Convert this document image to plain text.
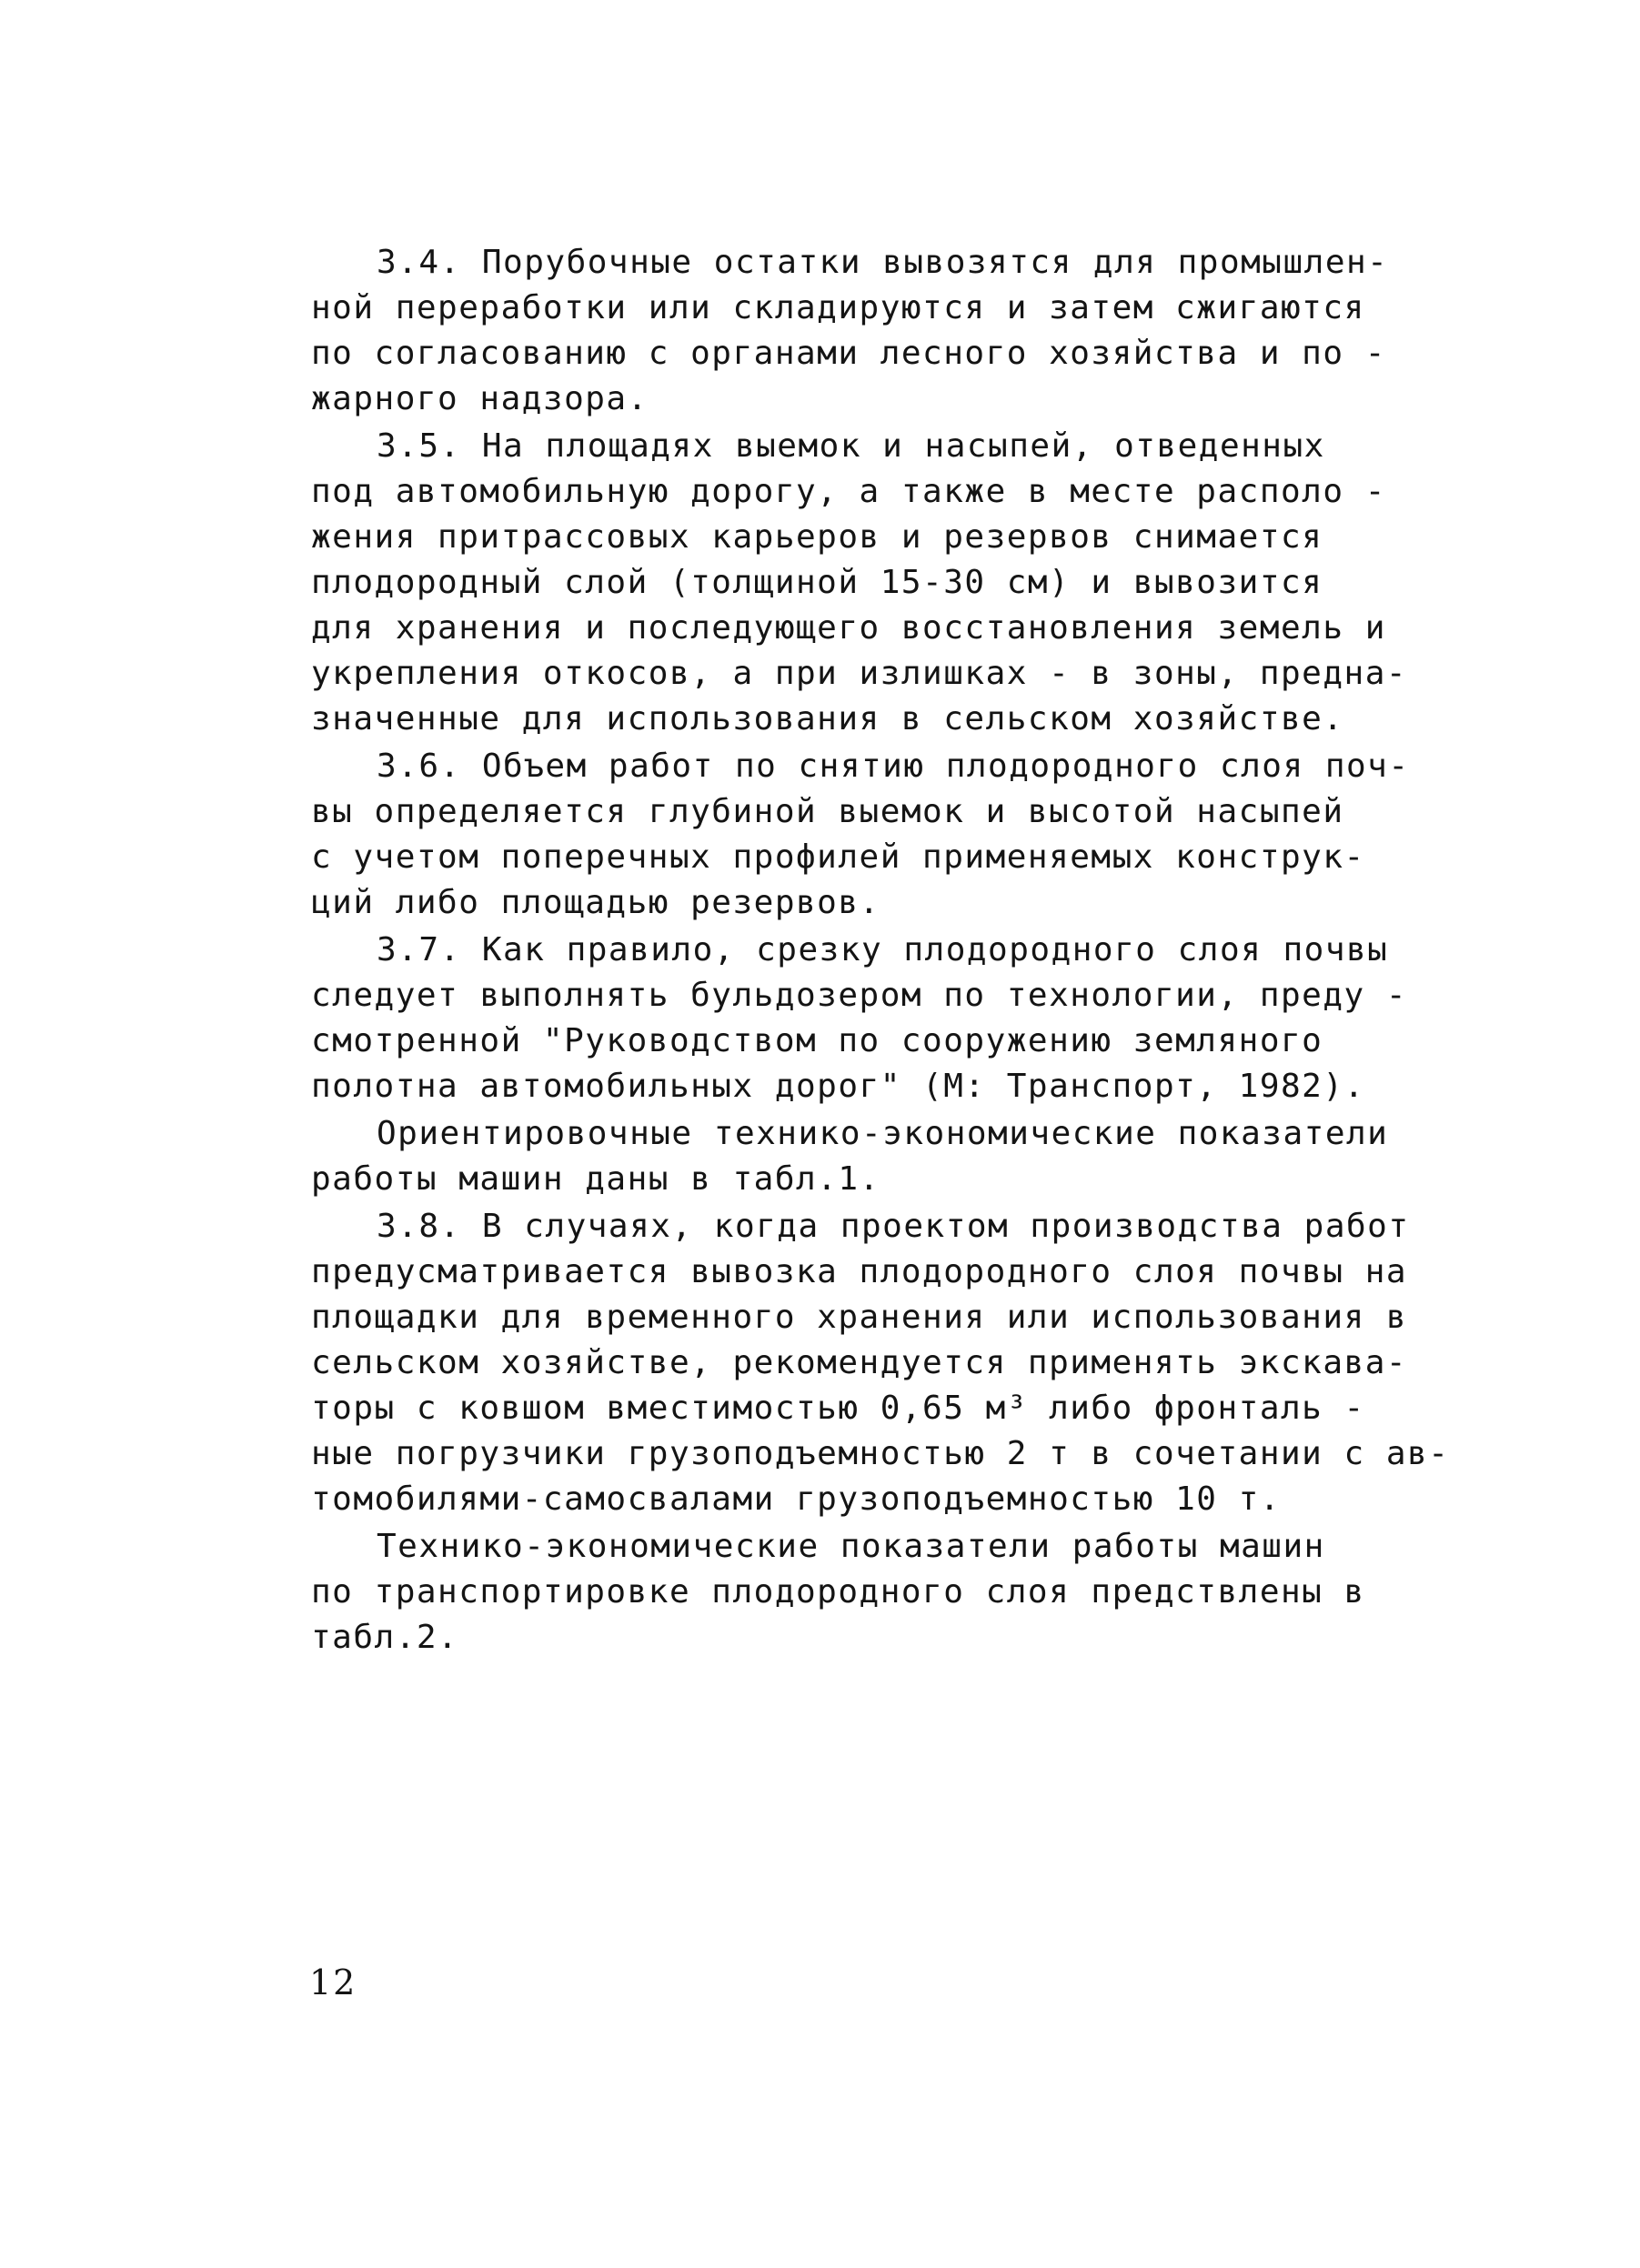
3.4. Порубочные остатки вывозятся для промышлен-
ной переработки или складируются и затем сжигаются
по согласованию с органами лесного хозяйства и по -
жарного надзора.

3.5. На площадях выемок и насыпей, отведенных
под автомобильную дорогу, а также в месте располо -
жения притрассовых карьеров и резервов снимается
плодородный слой (толщиной 15-30 см) и вывозится
для хранения и последующего восстановления земель и
укрепления откосов, а при излишках - в зоны, предна-
значенные для использования в сельском хозяйстве.

3.6. Объем работ по снятию плодородного слоя поч-
вы определяется глубиной выемок и высотой насыпей
с учетом поперечных профилей применяемых конструк-
ций либо площадью резервов.

3.7. Как правило, срезку плодородного слоя почвы
следует выполнять бульдозером по технологии, преду -
смотренной "Руководством по сооружению земляного
полотна автомобильных дорог" (М: Транспорт, 1982).

Ориентировочные технико-экономические показатели
работы машин даны в табл.1.

3.8. В случаях, когда проектом производства работ
предусматривается вывозка плодородного слоя почвы на
площадки для временного хранения или использования в
сельском хозяйстве, рекомендуется применять экскава-
торы с ковшом вместимостью 0,65 м³ либо фронталь -
ные погрузчики грузоподъемностью 2 т в сочетании с ав-
томобилями-самосвалами грузоподъемностью 10 т.

Технико-экономические показатели работы машин
по транспортировке плодородного слоя предствлены в
табл.2.

12
